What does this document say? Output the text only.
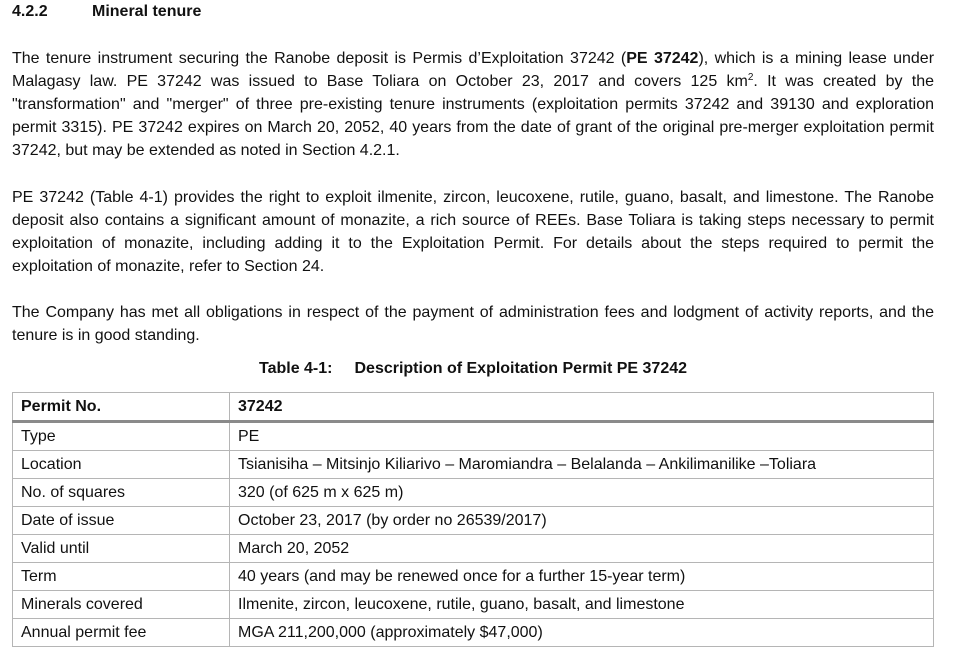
4.2.2	Mineral tenure

The tenure instrument securing the Ranobe deposit is Permis d’Exploitation 37242 (PE 37242), which is a mining lease under Malagasy law. PE 37242 was issued to Base Toliara on October 23, 2017 and covers 125 $km^2$. It was created by the "transformation" and "merger" of three pre-existing tenure instruments (exploitation permits 37242 and 39130 and exploration permit 3315). PE 37242 expires on March 20, 2052, 40 years from the date of grant of the original pre-merger exploitation permit 37242, but may be extended as noted in Section 4.2.1.

PE 37242 (Table 4-1) provides the right to exploit ilmenite, zircon, leucoxene, rutile, guano, basalt, and limestone. The Ranobe deposit also contains a significant amount of monazite, a rich source of REEs. Base Toliara is taking steps necessary to permit exploitation of monazite, including adding it to the Exploitation Permit. For details about the steps required to permit the exploitation of monazite, refer to Section 24.

The Company has met all obligations in respect of the payment of administration fees and lodgment of activity reports, and the tenure is in good standing.

Table 4-1: Description of Exploitation Permit PE 37242
Permit No.	37242
Type	PE
Location	Tsianisiha – Mitsinjo Kiliarivo – Maromiandra – Belalanda – Ankilimanilike –Toliara
No. of squares	320 (of 625 m x 625 m)
Date of issue	October 23, 2017 (by order no 26539/2017)
Valid until	March 20, 2052
Term	40 years (and may be renewed once for a further 15-year term)
Minerals covered	Ilmenite, zircon, leucoxene, rutile, guano, basalt, and limestone
Annual permit fee	MGA 211,200,000 (approximately $47,000)
